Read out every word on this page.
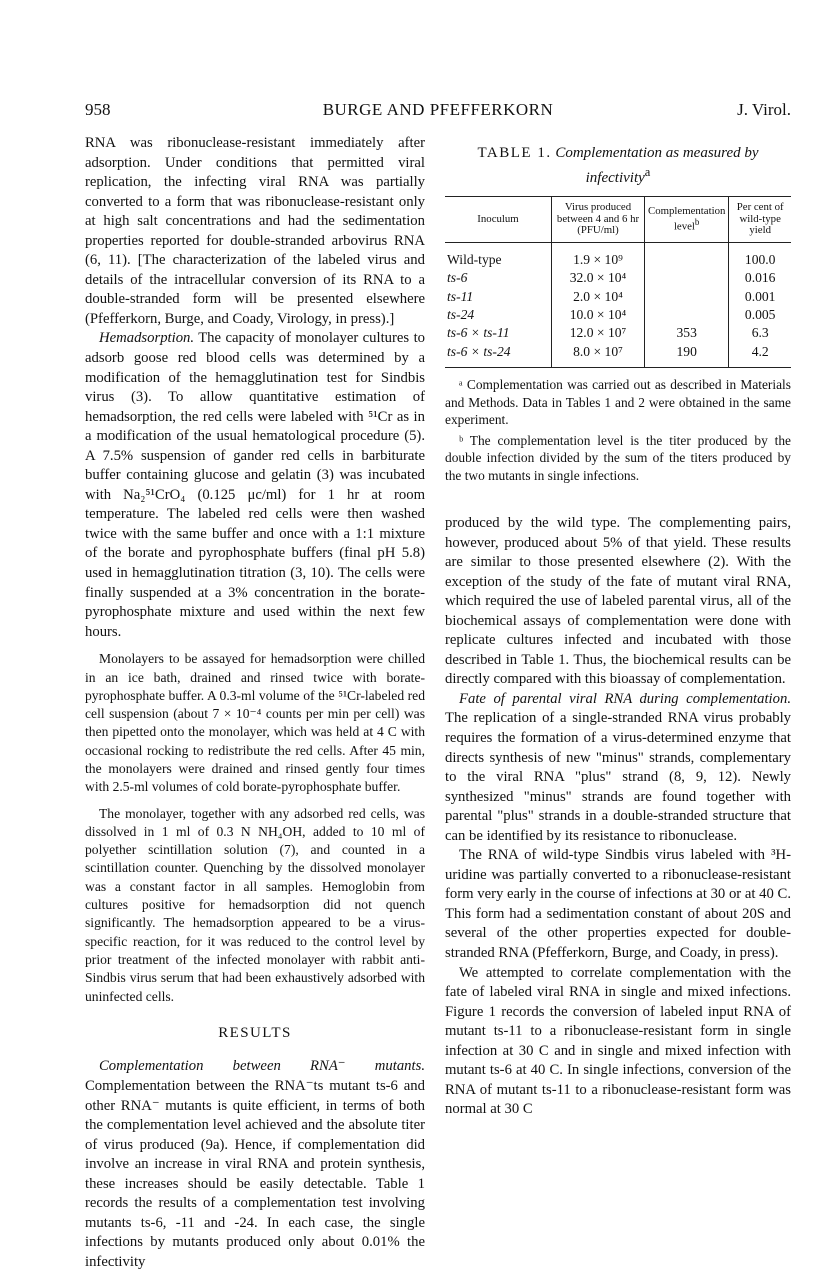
958	BURGE AND PFEFFERKORN	J. Virol.

RNA was ribonuclease-resistant immediately after adsorption. Under conditions that permitted viral replication, the infecting viral RNA was partially converted to a form that was ribonuclease-resistant only at high salt concentrations and had the sedimentation properties reported for double-stranded arbovirus RNA (6, 11). [The characterization of the labeled virus and details of the intracellular conversion of its RNA to a double-stranded form will be presented elsewhere (Pfefferkorn, Burge, and Coady, Virology, in press).]

Hemadsorption. The capacity of monolayer cultures to adsorb goose red blood cells was determined by a modification of the hemagglutination test for Sindbis virus (3). To allow quantitative estimation of hemadsorption, the red cells were labeled with ⁵¹Cr as in a modification of the usual hematological procedure (5). A 7.5% suspension of gander red cells in barbiturate buffer containing glucose and gelatin (3) was incubated with Na₂⁵¹CrO₄ (0.125 μc/ml) for 1 hr at room temperature. The labeled red cells were then washed twice with the same buffer and once with a 1:1 mixture of the borate and pyrophosphate buffers (final pH 5.8) used in hemagglutination titration (3, 10). The cells were finally suspended at a 3% concentration in the borate-pyrophosphate mixture and used within the next few hours.

Monolayers to be assayed for hemadsorption were chilled in an ice bath, drained and rinsed twice with borate-pyrophosphate buffer. A 0.3-ml volume of the ⁵¹Cr-labeled red cell suspension (about 7 × 10⁻⁴ counts per min per cell) was then pipetted onto the monolayer, which was held at 4 C with occasional rocking to redistribute the red cells. After 45 min, the monolayers were drained and rinsed gently four times with 2.5-ml volumes of cold borate-pyrophosphate buffer.

The monolayer, together with any adsorbed red cells, was dissolved in 1 ml of 0.3 N NH₄OH, added to 10 ml of polyether scintillation solution (7), and counted in a scintillation counter. Quenching by the dissolved monolayer was a constant factor in all samples. Hemoglobin from cultures positive for hemadsorption did not quench significantly. The hemadsorption appeared to be a virus-specific reaction, for it was reduced to the control level by prior treatment of the infected monolayer with rabbit anti-Sindbis virus serum that had been exhaustively adsorbed with uninfected cells.

RESULTS

Complementation between RNA⁻ mutants. Complementation between the RNA⁻ts mutant ts-6 and other RNA⁻ mutants is quite efficient, in terms of both the complementation level achieved and the absolute titer of virus produced (9a). Hence, if complementation did involve an increase in viral RNA and protein synthesis, these increases should be easily detectable. Table 1 records the results of a complementation test involving mutants ts-6, -11 and -24. In each case, the single infections by mutants produced only about 0.01% the infectivity

TABLE 1. Complementation as measured by infectivity$^a$
Inoculum	Virus produced between 4 and 6 hr (PFU/ml)	Complementation level$^b$	Per cent of wild-type yield
Wild-type	1.9 × 10⁹		100.0
ts-6	32.0 × 10⁴		0.016
ts-11	2.0 × 10⁴		0.001
ts-24	10.0 × 10⁴		0.005
ts-6 × ts-11	12.0 × 10⁷	353	6.3
ts-6 × ts-24	8.0 × 10⁷	190	4.2
ᵃ Complementation was carried out as described in Materials and Methods. Data in Tables 1 and 2 were obtained in the same experiment.
ᵇ The complementation level is the titer produced by the double infection divided by the sum of the titers produced by the two mutants in single infections.

produced by the wild type. The complementing pairs, however, produced about 5% of that yield. These results are similar to those presented elsewhere (2). With the exception of the study of the fate of mutant viral RNA, which required the use of labeled parental virus, all of the biochemical assays of complementation were done with replicate cultures infected and incubated with those described in Table 1. Thus, the biochemical results can be directly compared with this bioassay of complementation.

Fate of parental viral RNA during complementation. The replication of a single-stranded RNA virus probably requires the formation of a virus-determined enzyme that directs synthesis of new "minus" strands, complementary to the viral RNA "plus" strand (8, 9, 12). Newly synthesized "minus" strands are found together with parental "plus" strands in a double-stranded structure that can be identified by its resistance to ribonuclease.

The RNA of wild-type Sindbis virus labeled with ³H-uridine was partially converted to a ribonuclease-resistant form very early in the course of infections at 30 or at 40 C. This form had a sedimentation constant of about 20S and several of the other properties expected for double-stranded RNA (Pfefferkorn, Burge, and Coady, in press).

We attempted to correlate complementation with the fate of labeled viral RNA in single and mixed infections. Figure 1 records the conversion of labeled input RNA of mutant ts-11 to a ribonuclease-resistant form in single infection at 30 C and in single and mixed infection with mutant ts-6 at 40 C. In single infections, conversion of the RNA of mutant ts-11 to a ribonuclease-resistant form was normal at 30 C
